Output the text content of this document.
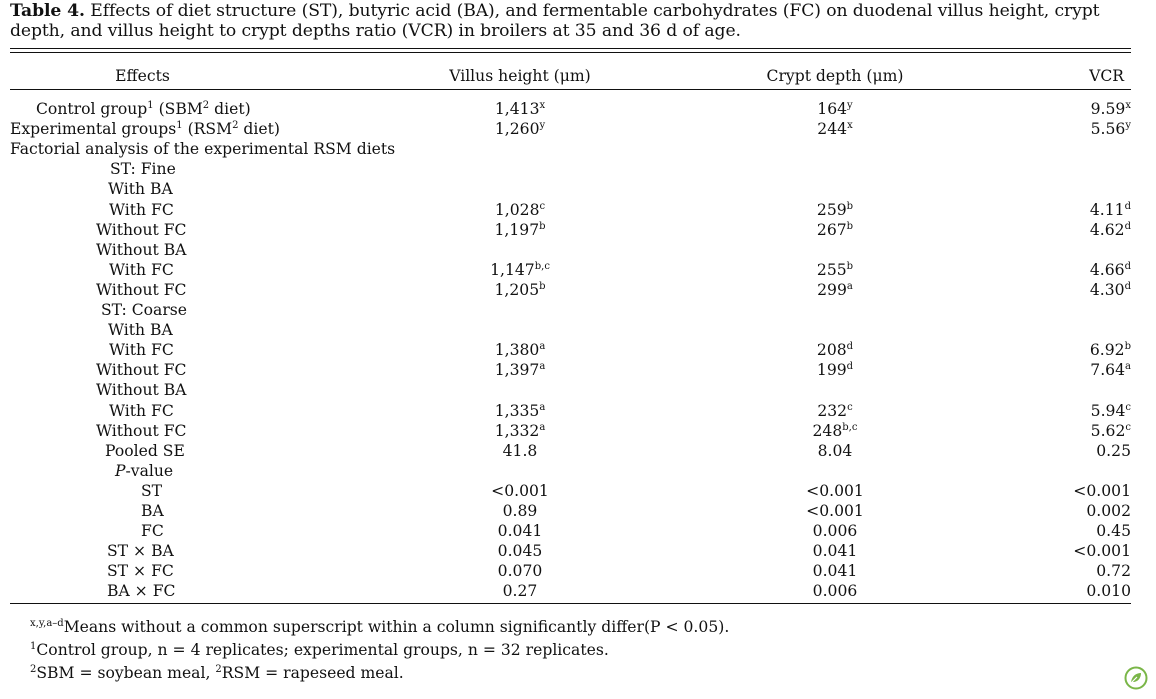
Table 4. Effects of diet structure (ST), butyric acid (BA), and fermentable carbohydrates (FC) on duodenal villus height, crypt depth, and villus height to crypt depths ratio (VCR) in broilers at 35 and 36 d of age.
Effects	Villus height (μm)	Crypt depth (μm)	VCR
Control group$^1$ (SBM$^2$ diet)	1,413$^x$	164$^y$	9.59$^x$
Experimental groups$^1$ (RSM$^2$ diet)	1,260$^y$	244$^x$	5.56$^y$
Factorial analysis of the experimental RSM diets
ST: Fine
With BA
With FC	1,028$^c$	259$^b$	4.11$^d$
Without FC	1,197$^b$	267$^b$	4.62$^d$
Without BA
With FC	1,147$^{b,c}$	255$^b$	4.66$^d$
Without FC	1,205$^b$	299$^a$	4.30$^d$
ST: Coarse
With BA
With FC	1,380$^a$	208$^d$	6.92$^b$
Without FC	1,397$^a$	199$^d$	7.64$^a$
Without BA
With FC	1,335$^a$	232$^c$	5.94$^c$
Without FC	1,332$^a$	248$^{b,c}$	5.62$^c$
Pooled SE	41.8	8.04	0.25
P-value
ST	<0.001	<0.001	<0.001
BA	0.89	<0.001	0.002
FC	0.041	0.006	0.45
ST × BA	0.045	0.041	<0.001
ST × FC	0.070	0.041	0.72
BA × FC	0.27	0.006	0.010
$^{x,y,a-d}$Means without a common superscript within a column significantly differ(P < 0.05).
$^1$Control group, n = 4 replicates; experimental groups, n = 32 replicates.
$^2$SBM = soybean meal, $^2$RSM = rapeseed meal.
